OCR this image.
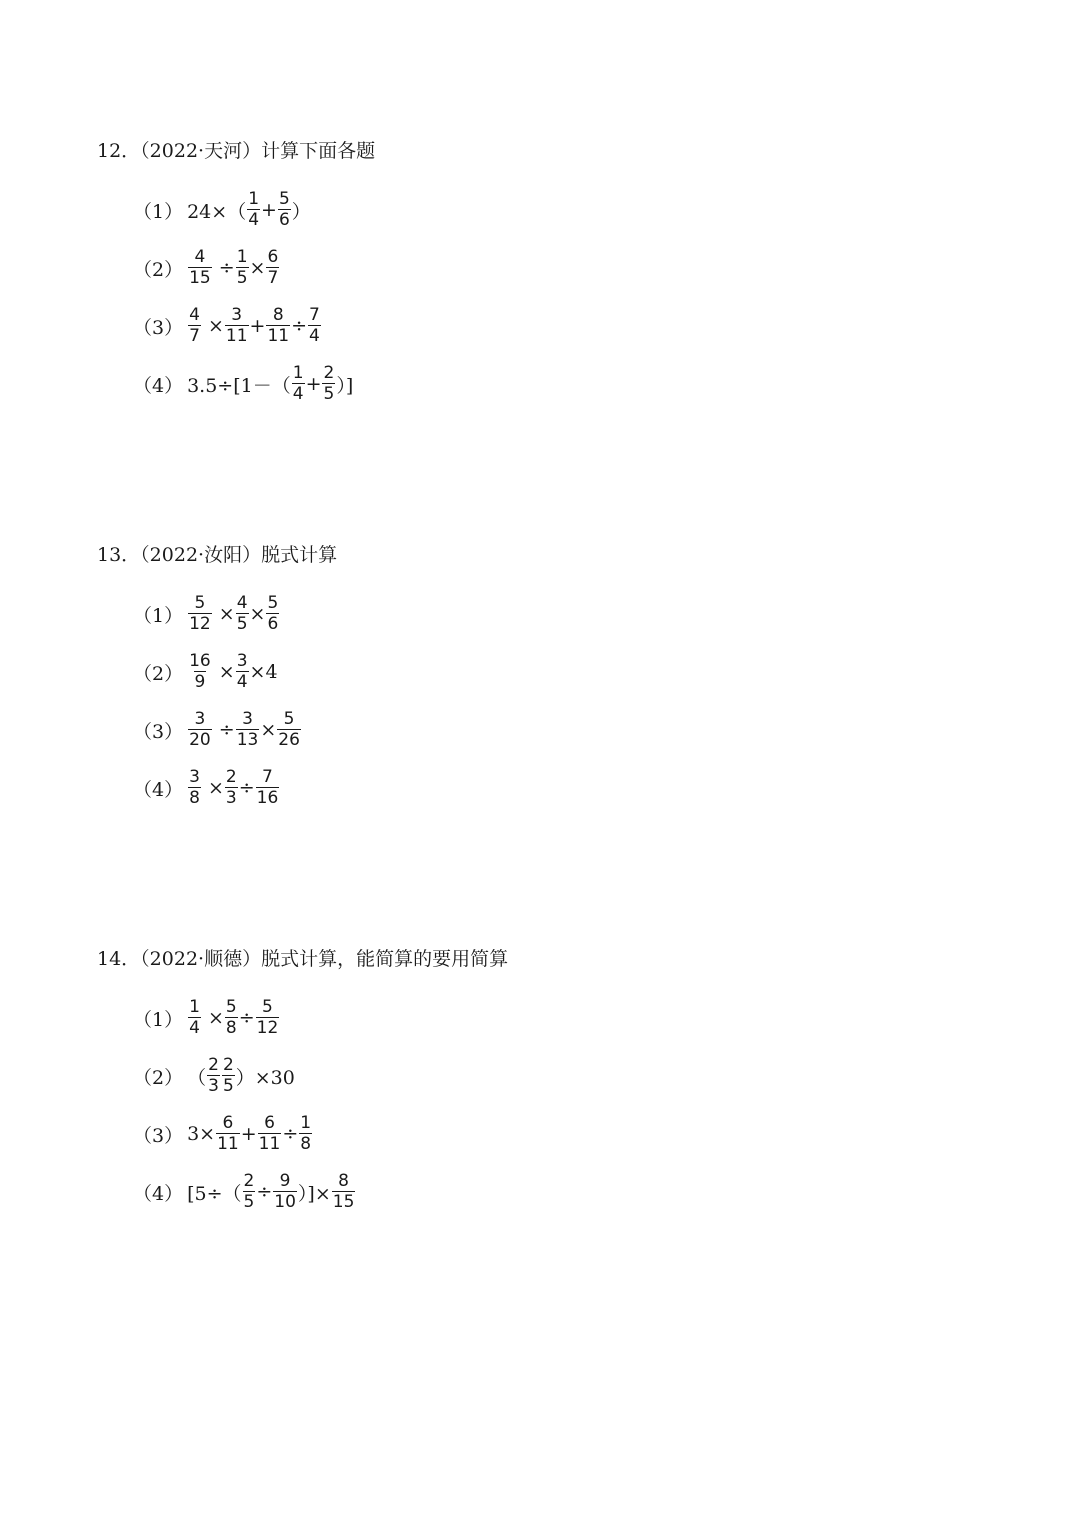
12．（2022·天河）计算下面各题
（1） $24\times( \frac{1}{4} + \frac{5}{6}$ ）
$(2) \frac{4}{15} \div \frac{1}{5} \times \frac{6}{7}$
$(3) \frac{4}{7} \times \frac{3}{11} + \frac{8}{11} \div \frac{7}{4}$
（4） $3.5\div[1-( \frac{1}{4} + \frac{2}{5}$ ）]
13．（2022·汝阳）脱式计算
$(1) \frac{5}{12} \times \frac{4}{5} \times \frac{5}{6}$
$(2) \frac{16}{9} \times \frac{3}{4} \times 4$
$(3) \frac{3}{20} \div \frac{3}{13} \times \frac{5}{26}$
$(4) \frac{3}{8} \times \frac{2}{3} \div \frac{7}{16}$
14．（2022·顺德）脱式计算，能简算的要用简算
$(1) \frac{1}{4} \times \frac{5}{8} \div \frac{5}{12}$
（2） （ $\frac{2}{3} \frac{2}{5} )\times 30$
（3） $3\times \frac{6}{11} + \frac{6}{11} \div \frac{1}{8}$
（4） [$5\div( \frac{2}{5} \div \frac{9}{10}$ ）]× $\frac{8}{15}$
